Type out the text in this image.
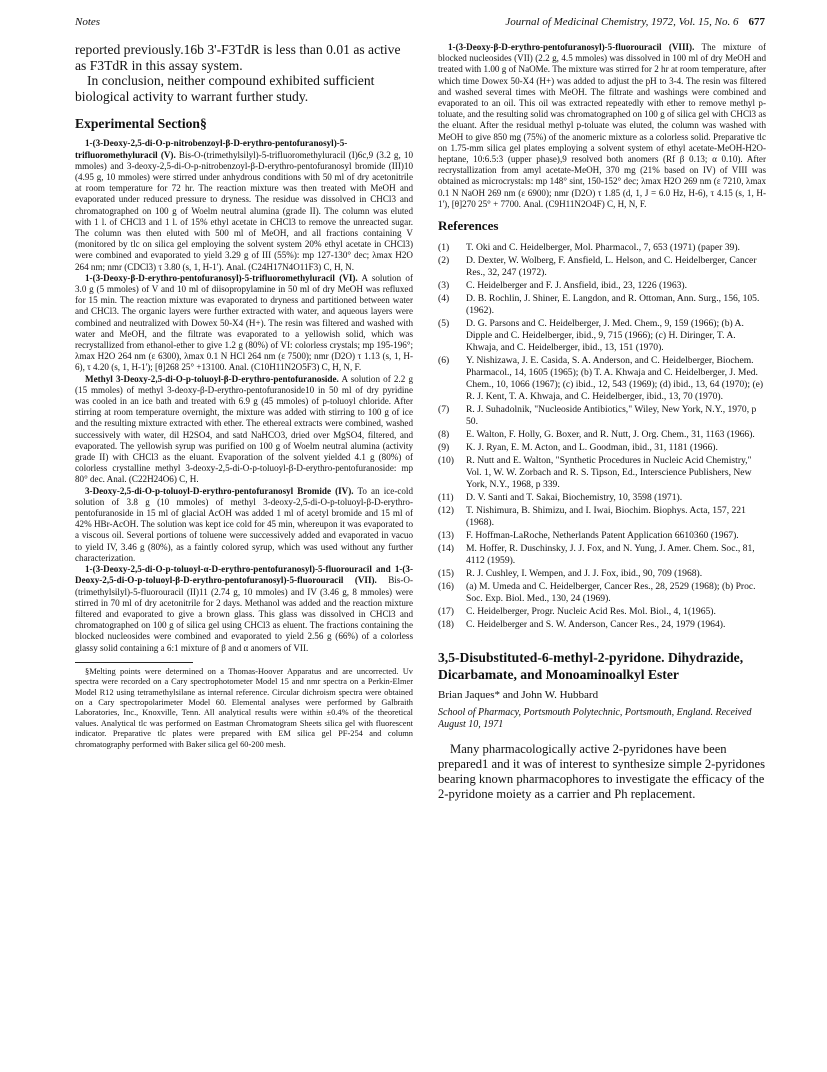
Notes	Journal of Medicinal Chemistry, 1972, Vol. 15, No. 6 677

reported previously.16b 3'-F3TdR is less than 0.01 as active as F3TdR in this assay system.

In conclusion, neither compound exhibited sufficient biological activity to warrant further study.

Experimental Section§

1-(3-Deoxy-2,5-di-O-p-nitrobenzoyl-β-D-erythro-pentofuranosyl)-5-trifluoromethyluracil (V). Bis-O-(trimethylsilyl)-5-trifluoromethyluracil (I)6c,9 (3.2 g, 10 mmoles) and 3-deoxy-2,5-di-O-p-nitrobenzoyl-β-D-erythro-pentofuranosyl bromide (III)10 (4.95 g, 10 mmoles) were stirred under anhydrous conditions with 50 ml of dry acetonitrile at room temperature for 72 hr. The reaction mixture was then treated with MeOH and evaporated under reduced pressure to dryness. The residue was dissolved in CHCl3 and chromatographed on 100 g of Woelm neutral alumina (grade II). The column was eluted with 1 l. of CHCl3 and 1 l. of 15% ethyl acetate in CHCl3 to remove the unreacted sugar. The column was then eluted with 500 ml of MeOH, and all fractions containing V (monitored by tlc on silica gel employing the solvent system 20% ethyl acetate in CHCl3) were combined and evaporated to yield 3.29 g of III (55%): mp 127-130° dec; λmax H2O 264 nm; nmr (CDCl3) τ 3.80 (s, 1, H-1'). Anal. (C24H17N4O11F3) C, H, N.

1-(3-Deoxy-β-D-erythro-pentofuranosyl)-5-trifluoromethyluracil (VI). A solution of 3.0 g (5 mmoles) of V and 10 ml of diisopropylamine in 50 ml of dry MeOH was refluxed for 15 min. The reaction mixture was evaporated to dryness and partitioned between water and CHCl3. The organic layers were further extracted with water, and aqueous layers were combined and neutralized with Dowex 50-X4 (H+). The resin was filtered and washed with water and MeOH, and the filtrate was evaporated to a yellowish solid, which was recrystallized from ethanol-ether to give 1.2 g (80%) of VI: colorless crystals; mp 195-196°; λmax H2O 264 nm (ε 6300), λmax 0.1 N HCl 264 nm (ε 7500); nmr (D2O) τ 1.13 (s, 1, H-6), τ 4.20 (s, 1, H-1'); [θ]268 25° +13100. Anal. (C10H11N2O5F3) C, H, N, F.

Methyl 3-Deoxy-2,5-di-O-p-toluoyl-β-D-erythro-pentofuranoside. A solution of 2.2 g (15 mmoles) of methyl 3-deoxy-β-D-erythro-pentofuranoside10 in 50 ml of dry pyridine was cooled in an ice bath and treated with 6.9 g (45 mmoles) of p-toluoyl chloride. After stirring at room temperature overnight, the mixture was added with stirring to 100 g of ice and the resulting mixture extracted with ether. The ethereal extracts were combined, washed successively with water, dil H2SO4, and satd NaHCO3, dried over MgSO4, filtered, and evaporated. The yellowish syrup was purified on 100 g of Woelm neutral alumina (activity grade II) with CHCl3 as the eluant. Evaporation of the solvent yielded 4.1 g (80%) of colorless crystalline methyl 3-deoxy-2,5-di-O-p-toluoyl-β-D-erythro-pentofuranoside: mp 80° dec. Anal. (C22H24O6) C, H.

3-Deoxy-2,5-di-O-p-toluoyl-D-erythro-pentofuranosyl Bromide (IV). To an ice-cold solution of 3.8 g (10 mmoles) of methyl 3-deoxy-2,5-di-O-p-toluoyl-β-D-erythro-pentofuranoside in 15 ml of glacial AcOH was added 1 ml of acetyl bromide and 15 ml of 42% HBr-AcOH. The solution was kept ice cold for 45 min, whereupon it was evaporated to a viscous oil. Several portions of toluene were successively added and evaporated in vacuo to yield IV, 3.46 g (80%), as a faintly colored syrup, which was used without any further characterization.

1-(3-Deoxy-2,5-di-O-p-toluoyl-α-D-erythro-pentofuranosyl)-5-fluorouracil and 1-(3-Deoxy-2,5-di-O-p-toluoyl-β-D-erythro-pentofuranosyl)-5-fluorouracil (VII). Bis-O-(trimethylsilyl)-5-fluorouracil (II)11 (2.74 g, 10 mmoles) and IV (3.46 g, 8 mmoles) were stirred in 70 ml of dry acetonitrile for 2 days. Methanol was added and the reaction mixture filtered and evaporated to give a brown glass. This glass was dissolved in CHCl3 and chromatographed on 100 g of silica gel using CHCl3 as eluent. The fractions containing the blocked nucleosides were combined and evaporated to yield 2.56 g (66%) of a colorless glassy solid containing a 6:1 mixture of β and α anomers of VII.

§Melting points were determined on a Thomas-Hoover Apparatus and are uncorrected. Uv spectra were recorded on a Cary spectrophotometer Model 15 and nmr spectra on a Perkin-Elmer Model R12 using tetramethylsilane as internal reference. Circular dichroism spectra were obtained on a Cary spectropolarimeter Model 60. Elemental analyses were performed by Galbraith Laboratories, Inc., Knoxville, Tenn. All analytical results were within ±0.4% of the theoretical values. Analytical tlc was performed on Eastman Chromatogram Sheets silica gel with fluorescent indicator. Preparative tlc plates were prepared with EM silica gel PF-254 and column chromatography performed with Baker silica gel 60-200 mesh.

1-(3-Deoxy-β-D-erythro-pentofuranosyl)-5-fluorouracil (VIII). The mixture of blocked nucleosides (VII) (2.2 g, 4.5 mmoles) was dissolved in 100 ml of dry MeOH and treated with 1.00 g of NaOMe. The mixture was stirred for 2 hr at room temperature, after which time Dowex 50-X4 (H+) was added to adjust the pH to 3-4. The resin was filtered and washed several times with MeOH. The filtrate and washings were combined and evaporated to an oil. This oil was extracted repeatedly with ether to remove methyl p-toluate, and the resulting solid was chromatographed on 100 g of silica gel with CHCl3 as the eluant. After the residual methyl p-toluate was eluted, the column was washed with MeOH to give 850 mg (75%) of the anomeric mixture as a colorless solid. Preparative tlc on 1.75-mm silica gel plates employing a solvent system of ethyl acetate-MeOH-H2O-heptane, 10:6.5:3 (upper phase),9 resolved both anomers (Rf β 0.13; α 0.10). After recrystallization from amyl acetate-MeOH, 370 mg (21% based on IV) of VIII was obtained as microcrystals: mp 148° sint, 150-152° dec; λmax H2O 269 nm (ε 7210, λmax 0.1 N NaOH 269 nm (ε 6900); nmr (D2O) τ 1.85 (d, 1, J = 6.0 Hz, H-6), τ 4.15 (s, 1, H-1'), [θ]270 25° + 7700. Anal. (C9H11N2O4F) C, H, N, F.

References
(1)	T. Oki and C. Heidelberger, Mol. Pharmacol., 7, 653 (1971) (paper 39).
(2)	D. Dexter, W. Wolberg, F. Ansfield, L. Helson, and C. Heidelberger, Cancer Res., 32, 247 (1972).
(3)	C. Heidelberger and F. J. Ansfield, ibid., 23, 1226 (1963).
(4)	D. B. Rochlin, J. Shiner, E. Langdon, and R. Ottoman, Ann. Surg., 156, 105. (1962).
(5)	D. G. Parsons and C. Heidelberger, J. Med. Chem., 9, 159 (1966); (b) A. Dipple and C. Heidelberger, ibid., 9, 715 (1966); (c) H. Diringer, T. A. Khwaja, and C. Heidelberger, ibid., 13, 151 (1970).
(6)	Y. Nishizawa, J. E. Casida, S. A. Anderson, and C. Heidelberger, Biochem. Pharmacol., 14, 1605 (1965); (b) T. A. Khwaja and C. Heidelberger, J. Med. Chem., 10, 1066 (1967); (c) ibid., 12, 543 (1969); (d) ibid., 13, 64 (1970); (e) R. J. Kent, T. A. Khwaja, and C. Heidelberger, ibid., 13, 70 (1970).
(7)	R. J. Suhadolnik, "Nucleoside Antibiotics," Wiley, New York, N.Y., 1970, p 50.
(8)	E. Walton, F. Holly, G. Boxer, and R. Nutt, J. Org. Chem., 31, 1163 (1966).
(9)	K. J. Ryan, E. M. Acton, and L. Goodman, ibid., 31, 1181 (1966).
(10)	R. Nutt and E. Walton, "Synthetic Procedures in Nucleic Acid Chemistry," Vol. 1, W. W. Zorbach and R. S. Tipson, Ed., Interscience Publishers, New York, N.Y., 1968, p 339.
(11)	D. V. Santi and T. Sakai, Biochemistry, 10, 3598 (1971).
(12)	T. Nishimura, B. Shimizu, and I. Iwai, Biochim. Biophys. Acta, 157, 221 (1968).
(13)	F. Hoffman-LaRoche, Netherlands Patent Application 6610360 (1967).
(14)	M. Hoffer, R. Duschinsky, J. J. Fox, and N. Yung, J. Amer. Chem. Soc., 81, 4112 (1959).
(15)	R. J. Cushley, I. Wempen, and J. J. Fox, ibid., 90, 709 (1968).
(16)	(a) M. Umeda and C. Heidelberger, Cancer Res., 28, 2529 (1968); (b) Proc. Soc. Exp. Biol. Med., 130, 24 (1969).
(17)	C. Heidelberger, Progr. Nucleic Acid Res. Mol. Biol., 4, 1(1965).
(18)	C. Heidelberger and S. W. Anderson, Cancer Res., 24, 1979 (1964).
3,5-Disubstituted-6-methyl-2-pyridone. Dihydrazide, Dicarbamate, and Monoaminoalkyl Ester
Brian Jaques* and John W. Hubbard
School of Pharmacy, Portsmouth Polytechnic, Portsmouth, England. Received August 10, 1971

Many pharmacologically active 2-pyridones have been prepared1 and it was of interest to synthesize simple 2-pyridones bearing known pharmacophores to investigate the efficacy of the 2-pyridone moiety as a carrier and Ph replacement.
